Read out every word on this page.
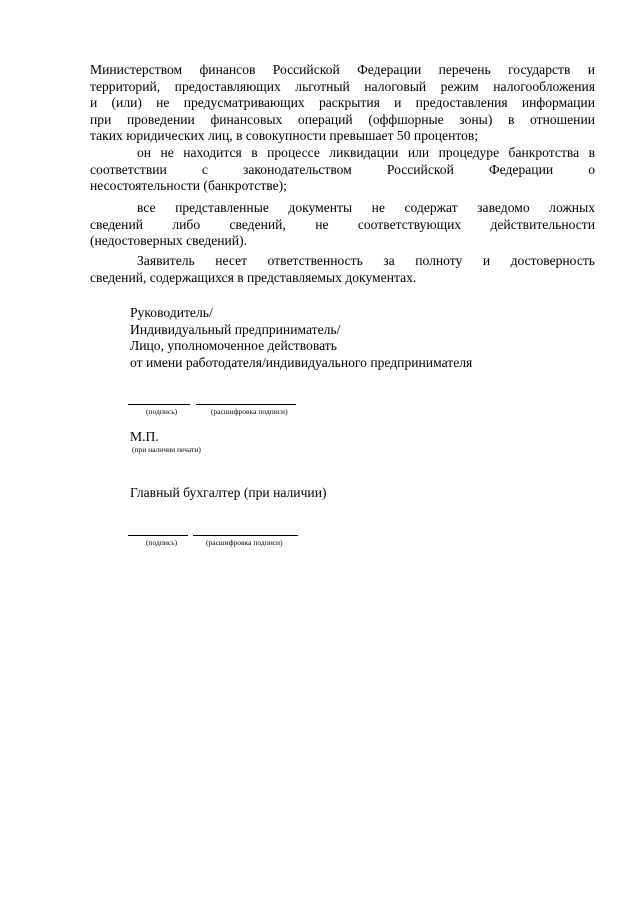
Министерством финансов Российской Федерации перечень государств и
территорий, предоставляющих льготный налоговый режим налогообложения
и (или) не предусматривающих раскрытия и предоставления информации
при проведении финансовых операций (оффшорные зоны) в отношении
таких юридических лиц, в совокупности превышает 50 процентов;
он не находится в процессе ликвидации или процедуре банкротства в
соответствии с законодательством Российской Федерации о
несостоятельности (банкротстве);
все представленные документы не содержат заведомо ложных
сведений либо сведений, не соответствующих действительности
(недостоверных сведений).
Заявитель несет ответственность за полноту и достоверность
сведений, содержащихся в представляемых документах.
Руководитель/
Индивидуальный предприниматель/
Лицо, уполномоченное действовать
от имени работодателя/индивидуального предпринимателя
(подпись)	(расшифровка подписи)
М.П.
(при наличии печати)
Главный бухгалтер (при наличии)
(подпись)	(расшифровка подписи)
